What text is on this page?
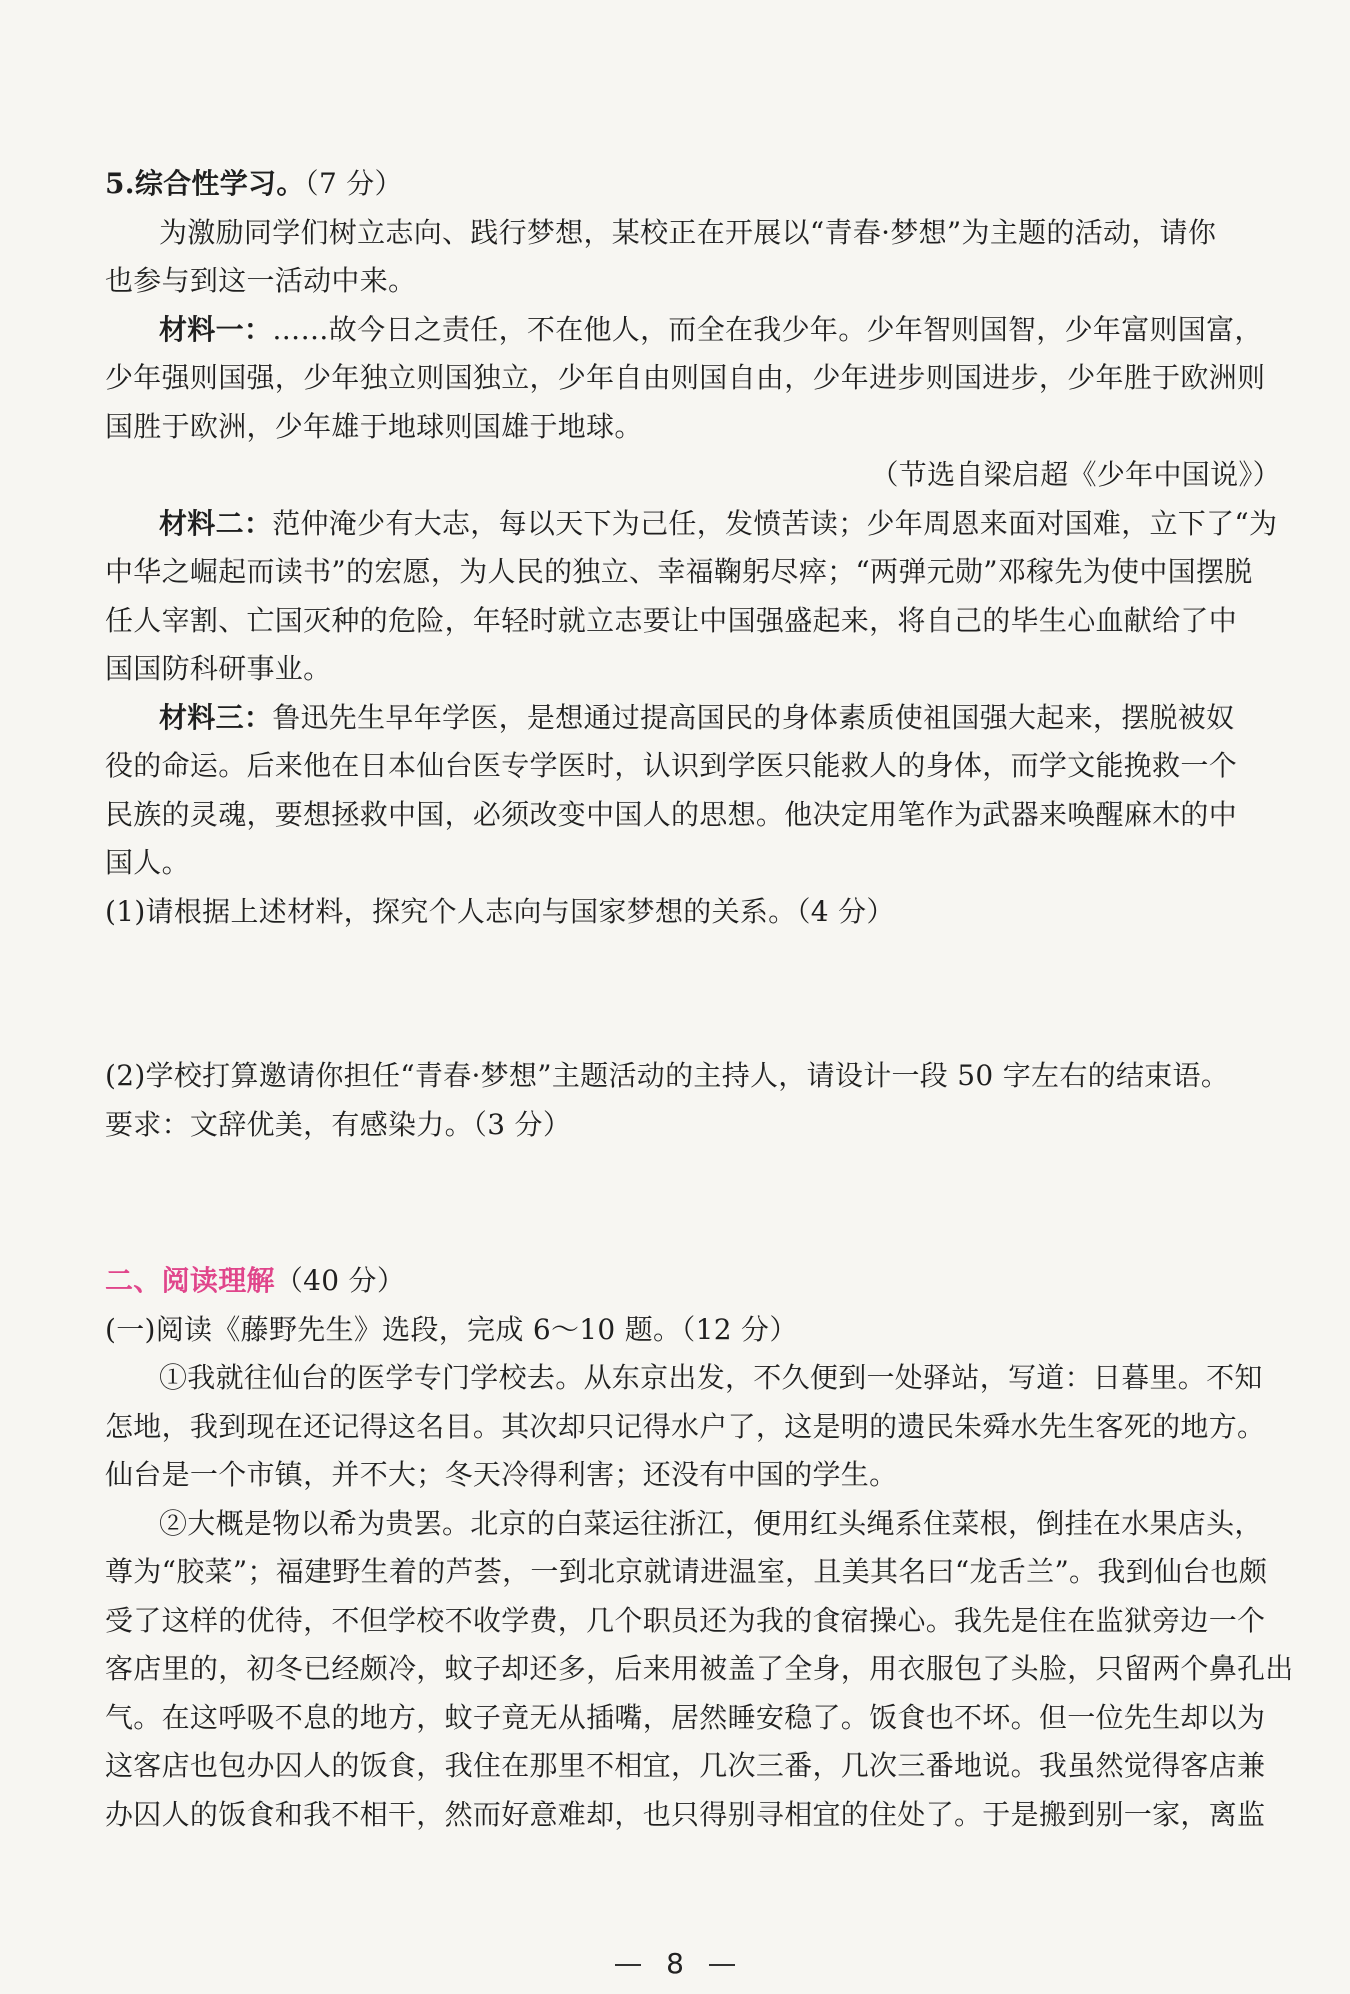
5.综合性学习。（7 分）

为激励同学们树立志向、践行梦想，某校正在开展以“青春·梦想”为主题的活动，请你

也参与到这一活动中来。

材料一：……故今日之责任，不在他人，而全在我少年。少年智则国智，少年富则国富，

少年强则国强，少年独立则国独立，少年自由则国自由，少年进步则国进步，少年胜于欧洲则

国胜于欧洲，少年雄于地球则国雄于地球。

（节选自梁启超《少年中国说》）

材料二：范仲淹少有大志，每以天下为己任，发愤苦读；少年周恩来面对国难，立下了“为

中华之崛起而读书”的宏愿，为人民的独立、幸福鞠躬尽瘁；“两弹元勋”邓稼先为使中国摆脱

任人宰割、亡国灭种的危险，年轻时就立志要让中国强盛起来，将自己的毕生心血献给了中

国国防科研事业。

材料三：鲁迅先生早年学医，是想通过提高国民的身体素质使祖国强大起来，摆脱被奴

役的命运。后来他在日本仙台医专学医时，认识到学医只能救人的身体，而学文能挽救一个

民族的灵魂，要想拯救中国，必须改变中国人的思想。他决定用笔作为武器来唤醒麻木的中

国人。

(1)请根据上述材料，探究个人志向与国家梦想的关系。（4 分）

(2)学校打算邀请你担任“青春·梦想”主题活动的主持人，请设计一段 50 字左右的结束语。

要求：文辞优美，有感染力。（3 分）

二、阅读理解（40 分）

(一)阅读《藤野先生》选段，完成 6～10 题。（12 分）

①我就往仙台的医学专门学校去。从东京出发，不久便到一处驿站，写道：日暮里。不知

怎地，我到现在还记得这名目。其次却只记得水户了，这是明的遗民朱舜水先生客死的地方。

仙台是一个市镇，并不大；冬天冷得利害；还没有中国的学生。

②大概是物以希为贵罢。北京的白菜运往浙江，便用红头绳系住菜根，倒挂在水果店头，

尊为“胶菜”；福建野生着的芦荟，一到北京就请进温室，且美其名曰“龙舌兰”。我到仙台也颇

受了这样的优待，不但学校不收学费，几个职员还为我的食宿操心。我先是住在监狱旁边一个

客店里的，初冬已经颇冷，蚊子却还多，后来用被盖了全身，用衣服包了头脸，只留两个鼻孔出

气。在这呼吸不息的地方，蚊子竟无从插嘴，居然睡安稳了。饭食也不坏。但一位先生却以为

这客店也包办囚人的饭食，我住在那里不相宜，几次三番，几次三番地说。我虽然觉得客店兼

办囚人的饭食和我不相干，然而好意难却，也只得别寻相宜的住处了。于是搬到别一家，离监

8
